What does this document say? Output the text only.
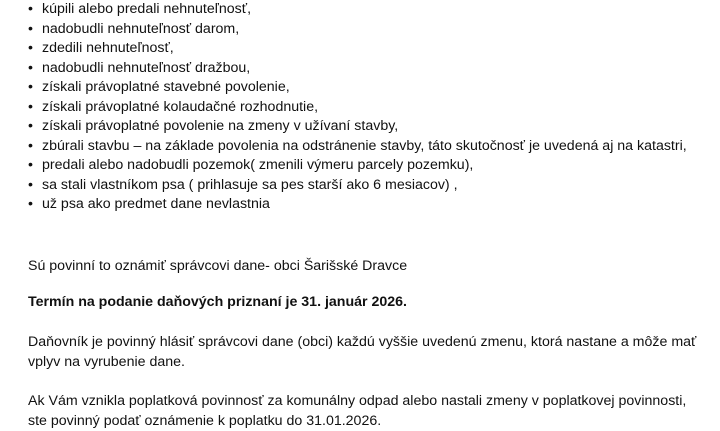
• kúpili alebo predali nehnuteľnosť,
• nadobudli nehnuteľnosť darom,
• zdedili nehnuteľnosť,
• nadobudli nehnuteľnosť dražbou,
• získali právoplatné stavebné povolenie,
• získali právoplatné kolaudačné rozhodnutie,
• získali právoplatné povolenie na zmeny v užívaní stavby,
• zbúrali stavbu – na základe povolenia na odstránenie stavby, táto skutočnosť je uvedená aj na katastri,
• predali alebo nadobudli pozemok( zmenili výmeru parcely pozemku),
• sa stali vlastníkom psa ( prihlasuje sa pes starší ako 6 mesiacov) ,
• už psa ako predmet dane nevlastnia

Sú povinní to oznámiť správcovi dane- obci Šarišské Dravce

Termín na podanie daňových priznaní je 31. január 2026.

Daňovník je povinný hlásiť správcovi dane (obci) každú vyššie uvedenú zmenu, ktorá nastane a môže mať vplyv na vyrubenie dane.

Ak Vám vznikla poplatková povinnosť za komunálny odpad alebo nastali zmeny v poplatkovej povinnosti, ste povinný podať oznámenie k poplatku do 31.01.2026.
